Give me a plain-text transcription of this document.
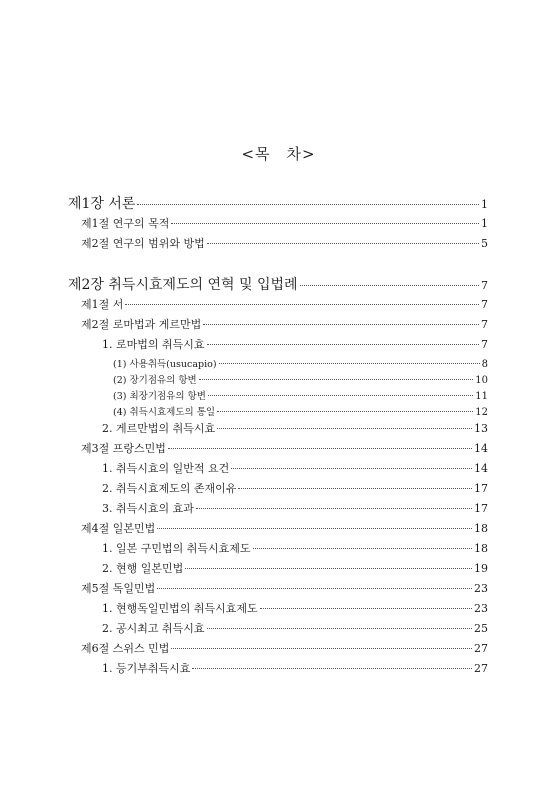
<목　차>
제1장 서론	1
제1절 연구의 목적	1
제2절 연구의 범위와 방법	5
제2장 취득시효제도의 연혁 및 입법례	7
제1절 서	7
제2절 로마법과 게르만법	7
1. 로마법의 취득시효	7
(1) 사용취득(usucapio)	8
(2) 장기점유의 항변	10
(3) 최장기점유의 항변	11
(4) 취득시효제도의 통일	12
2. 게르만법의 취득시효	13
제3절 프랑스민법	14
1. 취득시효의 일반적 요건	14
2. 취득시효제도의 존재이유	17
3. 취득시효의 효과	17
제4절 일본민법	18
1. 일본 구민법의 취득시효제도	18
2. 현행 일본민법	19
제5절 독일민법	23
1. 현행독일민법의 취득시효제도	23
2. 공시최고 취득시효	25
제6절 스위스 민법	27
1. 등기부취득시효	27
